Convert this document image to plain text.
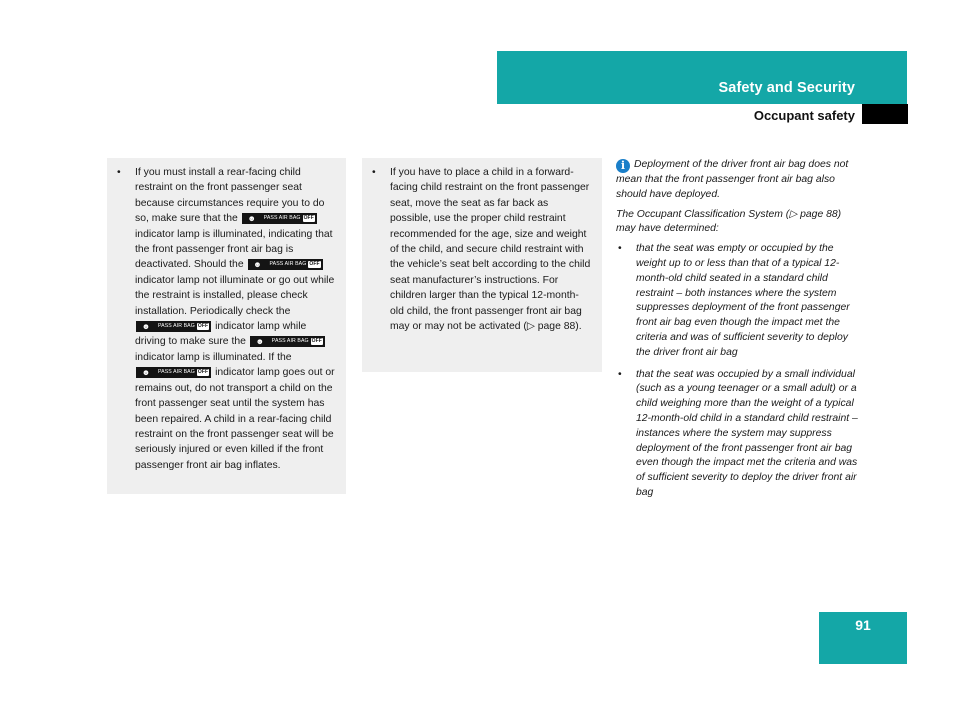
Safety and Security
Occupant safety
• If you must install a rear-facing child restraint on the front passenger seat because circumstances require you to do so, make sure that the	☻	PASS AIR BAG OFF
indicator lamp is illuminated, indicating that the front passenger front air bag is deactivated. Should the	☻	PASS AIR BAG OFF
indicator lamp not illuminate or go out while the restraint is installed, please check installation. Periodically check the
☻	PASS AIR BAG OFF indicator lamp while driving to make sure the	☻	PASS AIR BAG OFF
indicator lamp is illuminated. If the
☻	PASS AIR BAG OFF indicator lamp goes out or remains out, do not transport a child on the front passenger seat until the system has been repaired. A child in a rear-facing child restraint on the front passenger seat will be seriously injured or even killed if the front passenger front air bag inflates.
• If you have to place a child in a forward-facing child restraint on the front passenger seat, move the seat as far back as possible, use the proper child restraint recommended for the age, size and weight of the child, and secure child restraint with the vehicle’s seat belt according to the child seat manufacturer’s instructions. For children larger than the typical 12-month-old child, the front passenger front air bag may or may not be activated (▷ page 88).

i Deployment of the driver front air bag does not mean that the front passenger front air bag also should have deployed.

The Occupant Classification System (▷ page 88) may have determined:

• that the seat was empty or occupied by the weight up to or less than that of a typical 12-month-old child seated in a standard child restraint – both instances where the system suppresses deployment of the front passenger front air bag even though the impact met the criteria and was of sufficient severity to deploy the driver front air bag
• that the seat was occupied by a small individual (such as a young teenager or a small adult) or a child weighing more than the weight of a typical 12-month-old child in a standard child restraint – instances where the system may suppress deployment of the front passenger front air bag even though the impact met the criteria and was of sufficient severity to deploy the driver front air bag
91
